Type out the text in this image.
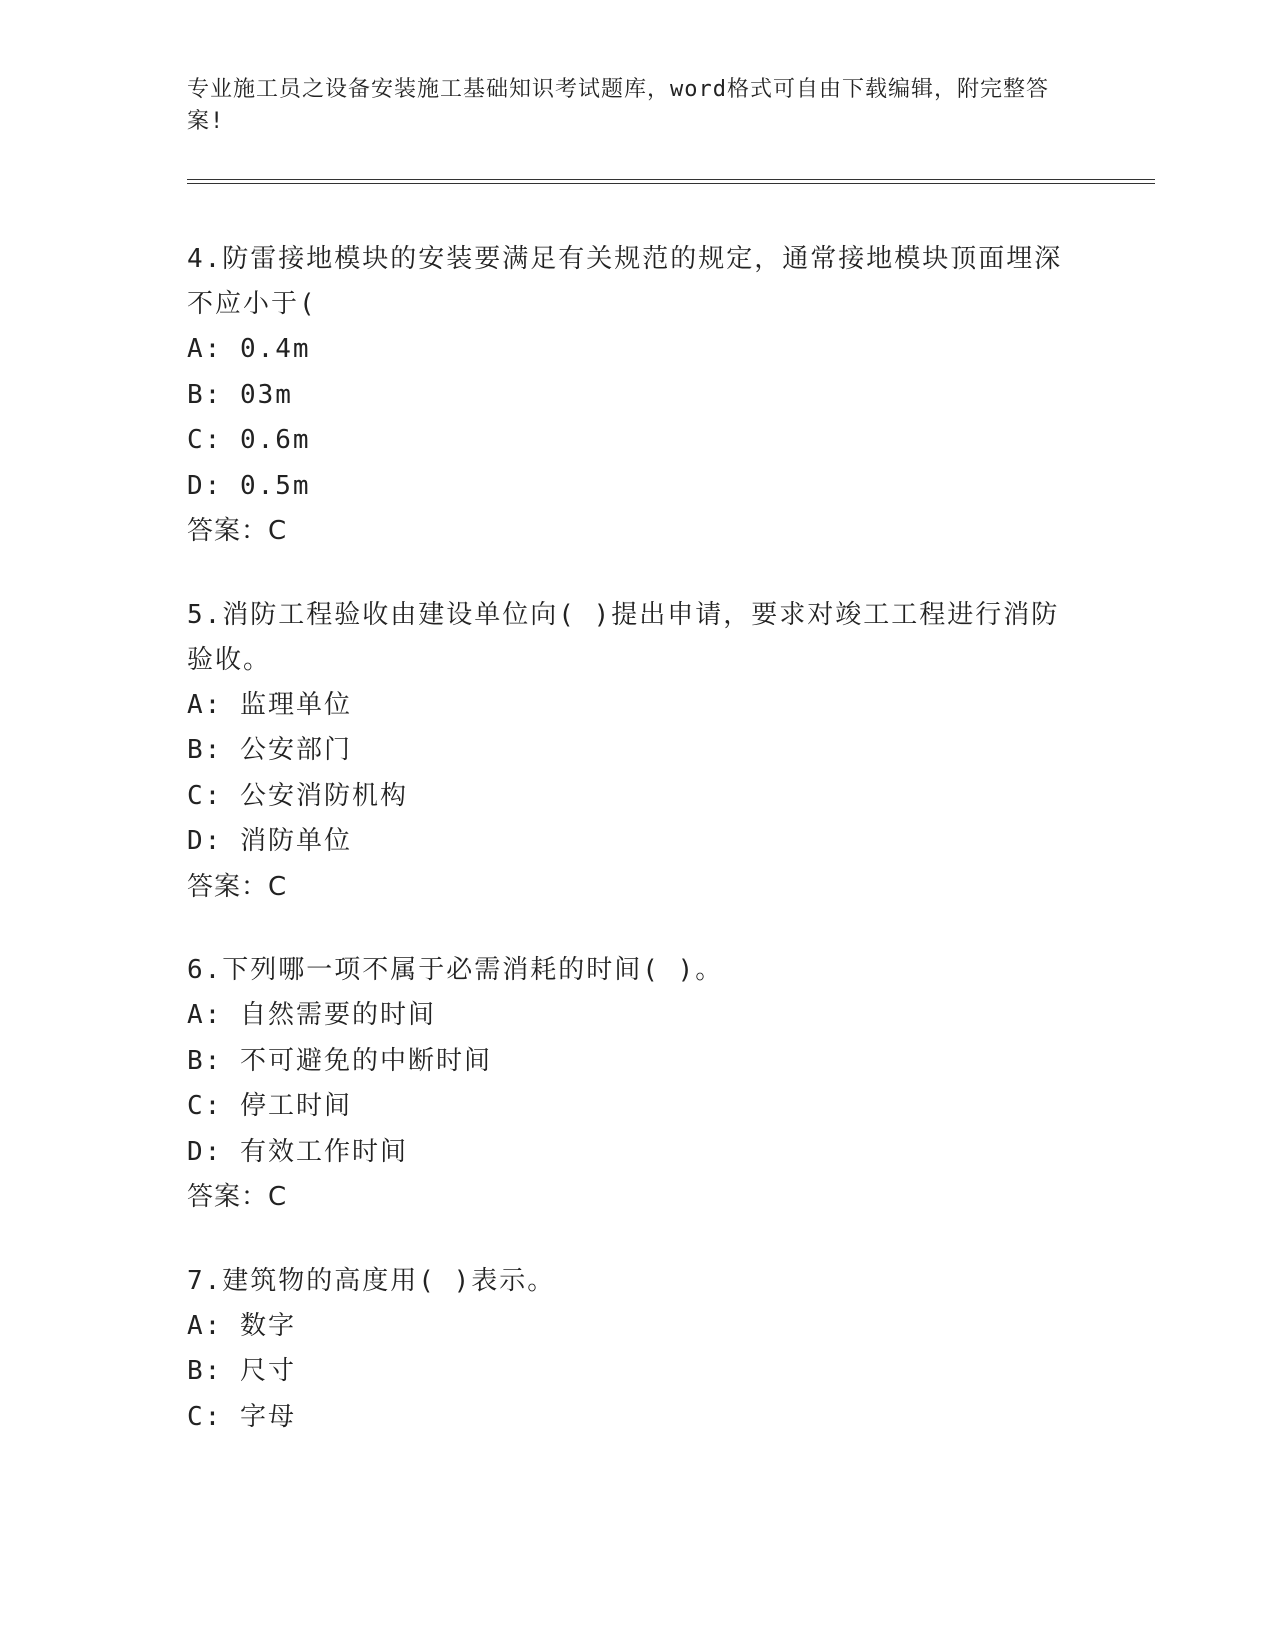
专业施工员之设备安装施工基础知识考试题库，word格式可自由下载编辑，附完整答案!

4.防雷接地模块的安装要满足有关规范的规定，通常接地模块顶面埋深不应小于(

A: 0.4m
B: 03m
C: 0.6m
D: 0.5m

答案：C

5.消防工程验收由建设单位向( )提出申请，要求对竣工工程进行消防验收。

A: 监理单位
B: 公安部门
C: 公安消防机构
D: 消防单位

答案：C

6.下列哪一项不属于必需消耗的时间( )。

A: 自然需要的时间
B: 不可避免的中断时间
C: 停工时间
D: 有效工作时间

答案：C

7.建筑物的高度用( )表示。

A: 数字
B: 尺寸
C: 字母
